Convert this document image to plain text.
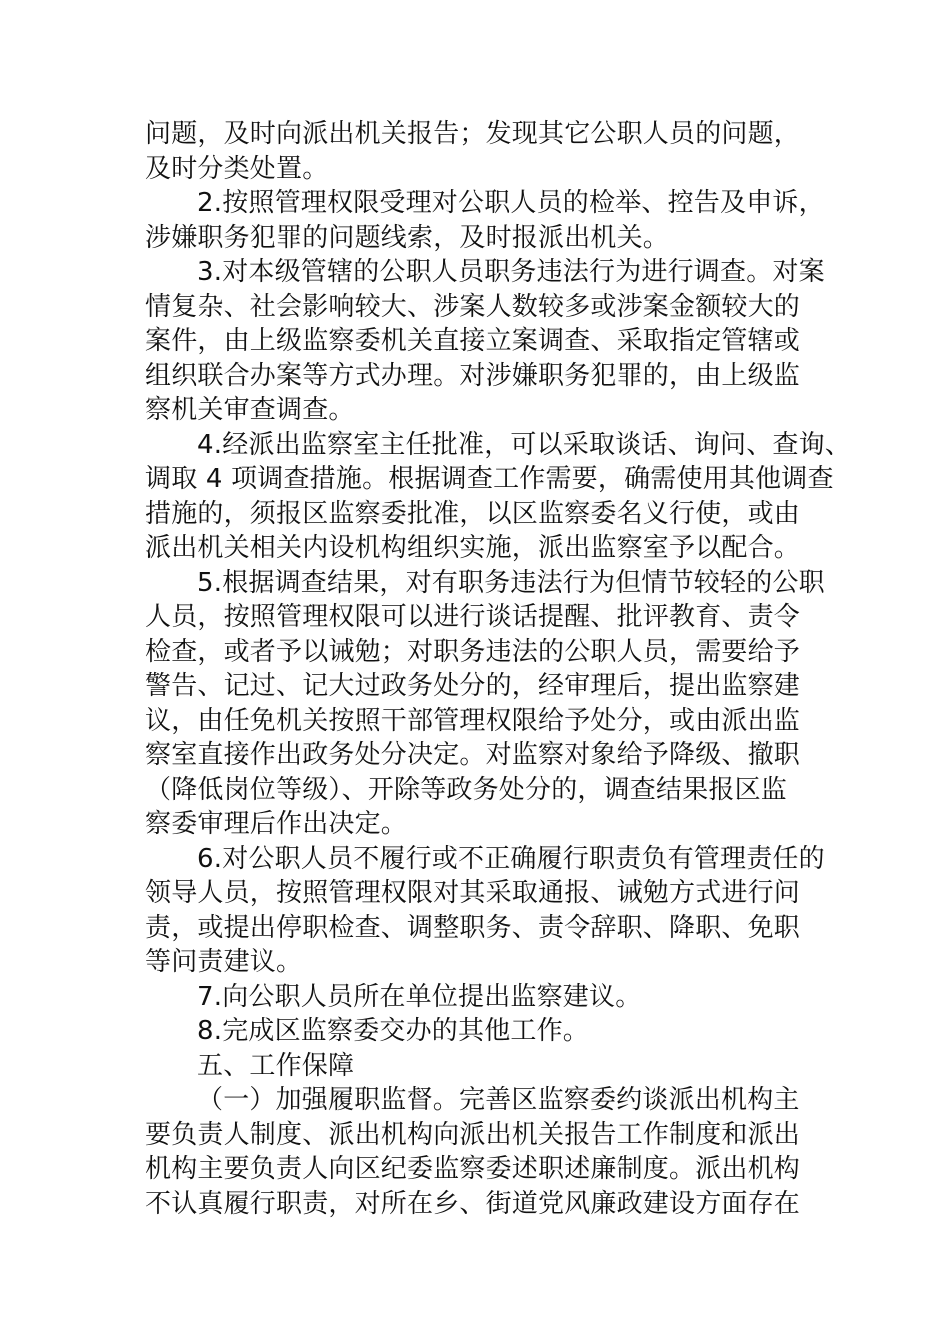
问题，及时向派出机关报告；发现其它公职人员的问题，
及时分类处置。
2.按照管理权限受理对公职人员的检举、控告及申诉，
涉嫌职务犯罪的问题线索，及时报派出机关。
3.对本级管辖的公职人员职务违法行为进行调查。对案
情复杂、社会影响较大、涉案人数较多或涉案金额较大的
案件，由上级监察委机关直接立案调查、采取指定管辖或
组织联合办案等方式办理。对涉嫌职务犯罪的，由上级监
察机关审查调查。
4.经派出监察室主任批准，可以采取谈话、询问、查询、
调取 4 项调查措施。根据调查工作需要，确需使用其他调查
措施的，须报区监察委批准，以区监察委名义行使，或由
派出机关相关内设机构组织实施，派出监察室予以配合。
5.根据调查结果，对有职务违法行为但情节较轻的公职
人员，按照管理权限可以进行谈话提醒、批评教育、责令
检查，或者予以诫勉；对职务违法的公职人员，需要给予
警告、记过、记大过政务处分的，经审理后，提出监察建
议，由任免机关按照干部管理权限给予处分，或由派出监
察室直接作出政务处分决定。对监察对象给予降级、撤职
（降低岗位等级）、开除等政务处分的，调查结果报区监
察委审理后作出决定。
6.对公职人员不履行或不正确履行职责负有管理责任的
领导人员，按照管理权限对其采取通报、诫勉方式进行问
责，或提出停职检查、调整职务、责令辞职、降职、免职
等问责建议。
7.向公职人员所在单位提出监察建议。
8.完成区监察委交办的其他工作。
五、工作保障
（一）加强履职监督。完善区监察委约谈派出机构主
要负责人制度、派出机构向派出机关报告工作制度和派出
机构主要负责人向区纪委监察委述职述廉制度。派出机构
不认真履行职责，对所在乡、街道党风廉政建设方面存在
